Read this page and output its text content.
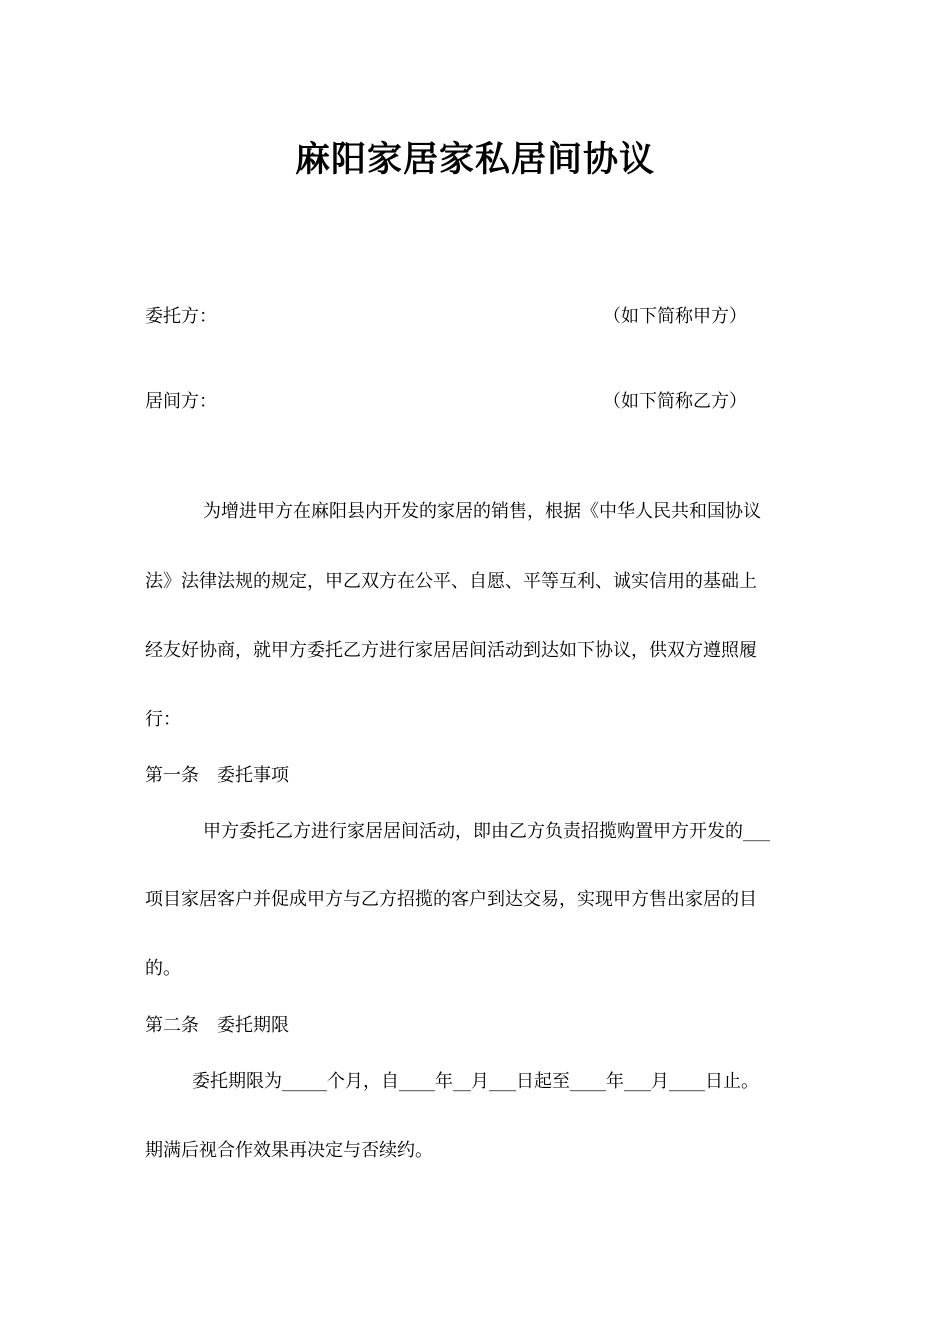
麻阳家居家私居间协议
委托方：	（如下简称甲方）
居间方：	（如下简称乙方）
为增进甲方在麻阳县内开发的家居的销售，根据《中华人民共和国协议
法》法律法规的规定，甲乙双方在公平、自愿、平等互利、诚实信用的基础上
经友好协商，就甲方委托乙方进行家居居间活动到达如下协议，供双方遵照履
行：
第一条　委托事项
甲方委托乙方进行家居居间活动，即由乙方负责招揽购置甲方开发的___
项目家居客户并促成甲方与乙方招揽的客户到达交易，实现甲方售出家居的目
的。
第二条　委托期限
委托期限为_____个月，自____年__月___日起至____年___月____日止。
期满后视合作效果再决定与否续约。
